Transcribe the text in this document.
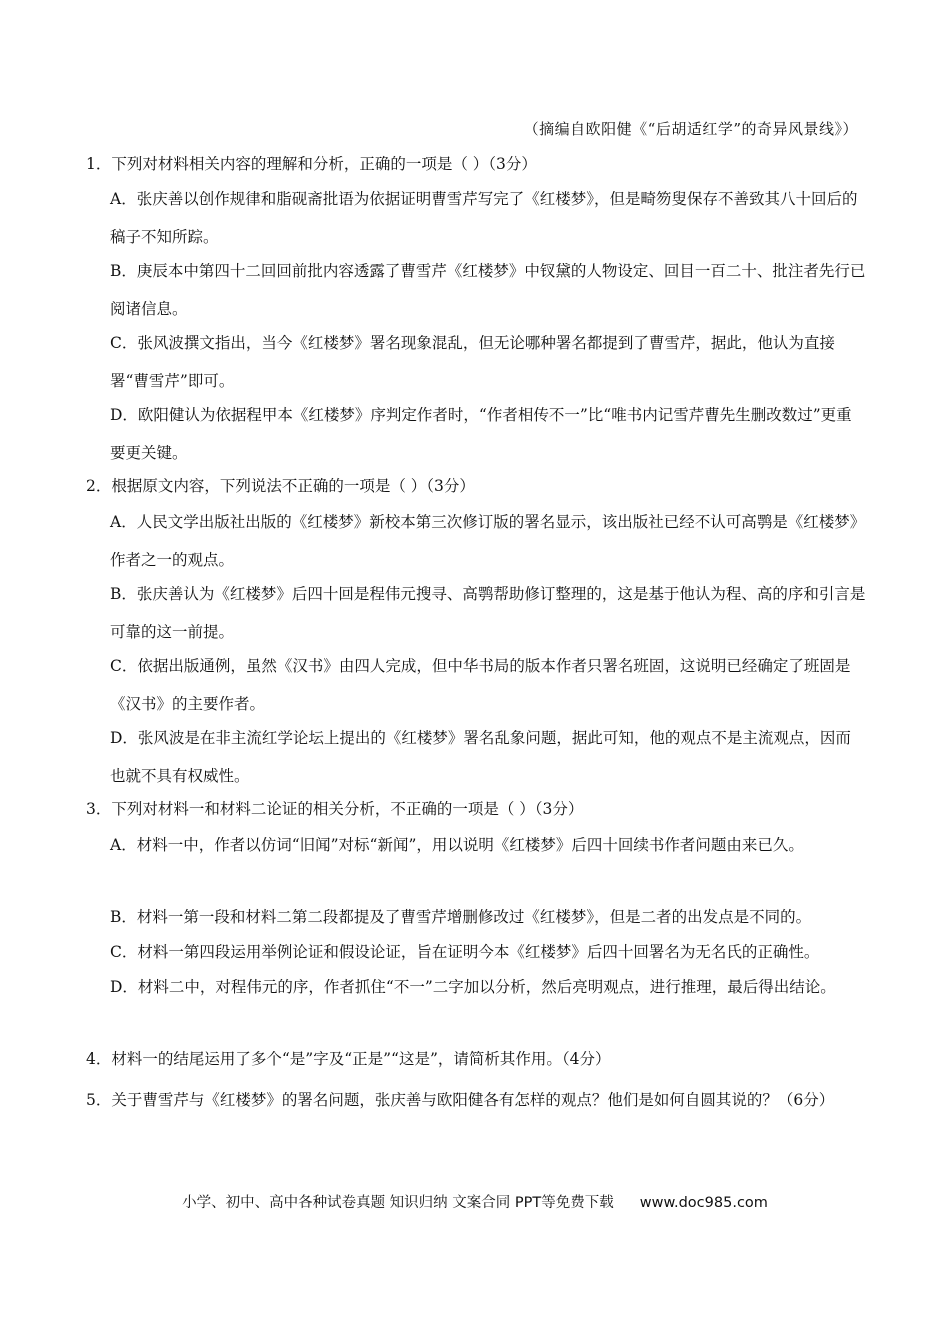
（摘编自欧阳健《“后胡适红学”的奇异风景线》）
1．下列对材料相关内容的理解和分析，正确的一项是（ ）（3分）
A．张庆善以创作规律和脂砚斋批语为依据证明曹雪芹写完了《红楼梦》，但是畸笏叟保存不善致其八十回后的稿子不知所踪。
B．庚辰本中第四十二回回前批内容透露了曹雪芹《红楼梦》中钗黛的人物设定、回目一百二十、批注者先行已阅诸信息。
C．张风波撰文指出，当今《红楼梦》署名现象混乱，但无论哪种署名都提到了曹雪芹，据此，他认为直接署“曹雪芹”即可。
D．欧阳健认为依据程甲本《红楼梦》序判定作者时，“作者相传不一”比“唯书内记雪芹曹先生删改数过”更重要更关键。
2．根据原文内容，下列说法不正确的一项是（ ）（3分）
A．人民文学出版社出版的《红楼梦》新校本第三次修订版的署名显示，该出版社已经不认可高鹗是《红楼梦》作者之一的观点。
B．张庆善认为《红楼梦》后四十回是程伟元搜寻、高鹗帮助修订整理的，这是基于他认为程、高的序和引言是可靠的这一前提。
C．依据出版通例，虽然《汉书》由四人完成，但中华书局的版本作者只署名班固，这说明已经确定了班固是《汉书》的主要作者。
D．张风波是在非主流红学论坛上提出的《红楼梦》署名乱象问题，据此可知，他的观点不是主流观点，因而也就不具有权威性。
3．下列对材料一和材料二论证的相关分析，不正确的一项是（ ）（3分）
A．材料一中，作者以仿词“旧闻”对标“新闻”，用以说明《红楼梦》后四十回续书作者问题由来已久。
B．材料一第一段和材料二第二段都提及了曹雪芹增删修改过《红楼梦》，但是二者的出发点是不同的。
C．材料一第四段运用举例论证和假设论证，旨在证明今本《红楼梦》后四十回署名为无名氏的正确性。
D．材料二中，对程伟元的序，作者抓住“不一”二字加以分析，然后亮明观点，进行推理，最后得出结论。
4．材料一的结尾运用了多个“是”字及“正是”“这是”，请简析其作用。（4分）
5．关于曹雪芹与《红楼梦》的署名问题，张庆善与欧阳健各有怎样的观点？他们是如何自圆其说的？（6分）
小学、初中、高中各种试卷真题 知识归纳 文案合同 PPT等免费下载 www.doc985.com
